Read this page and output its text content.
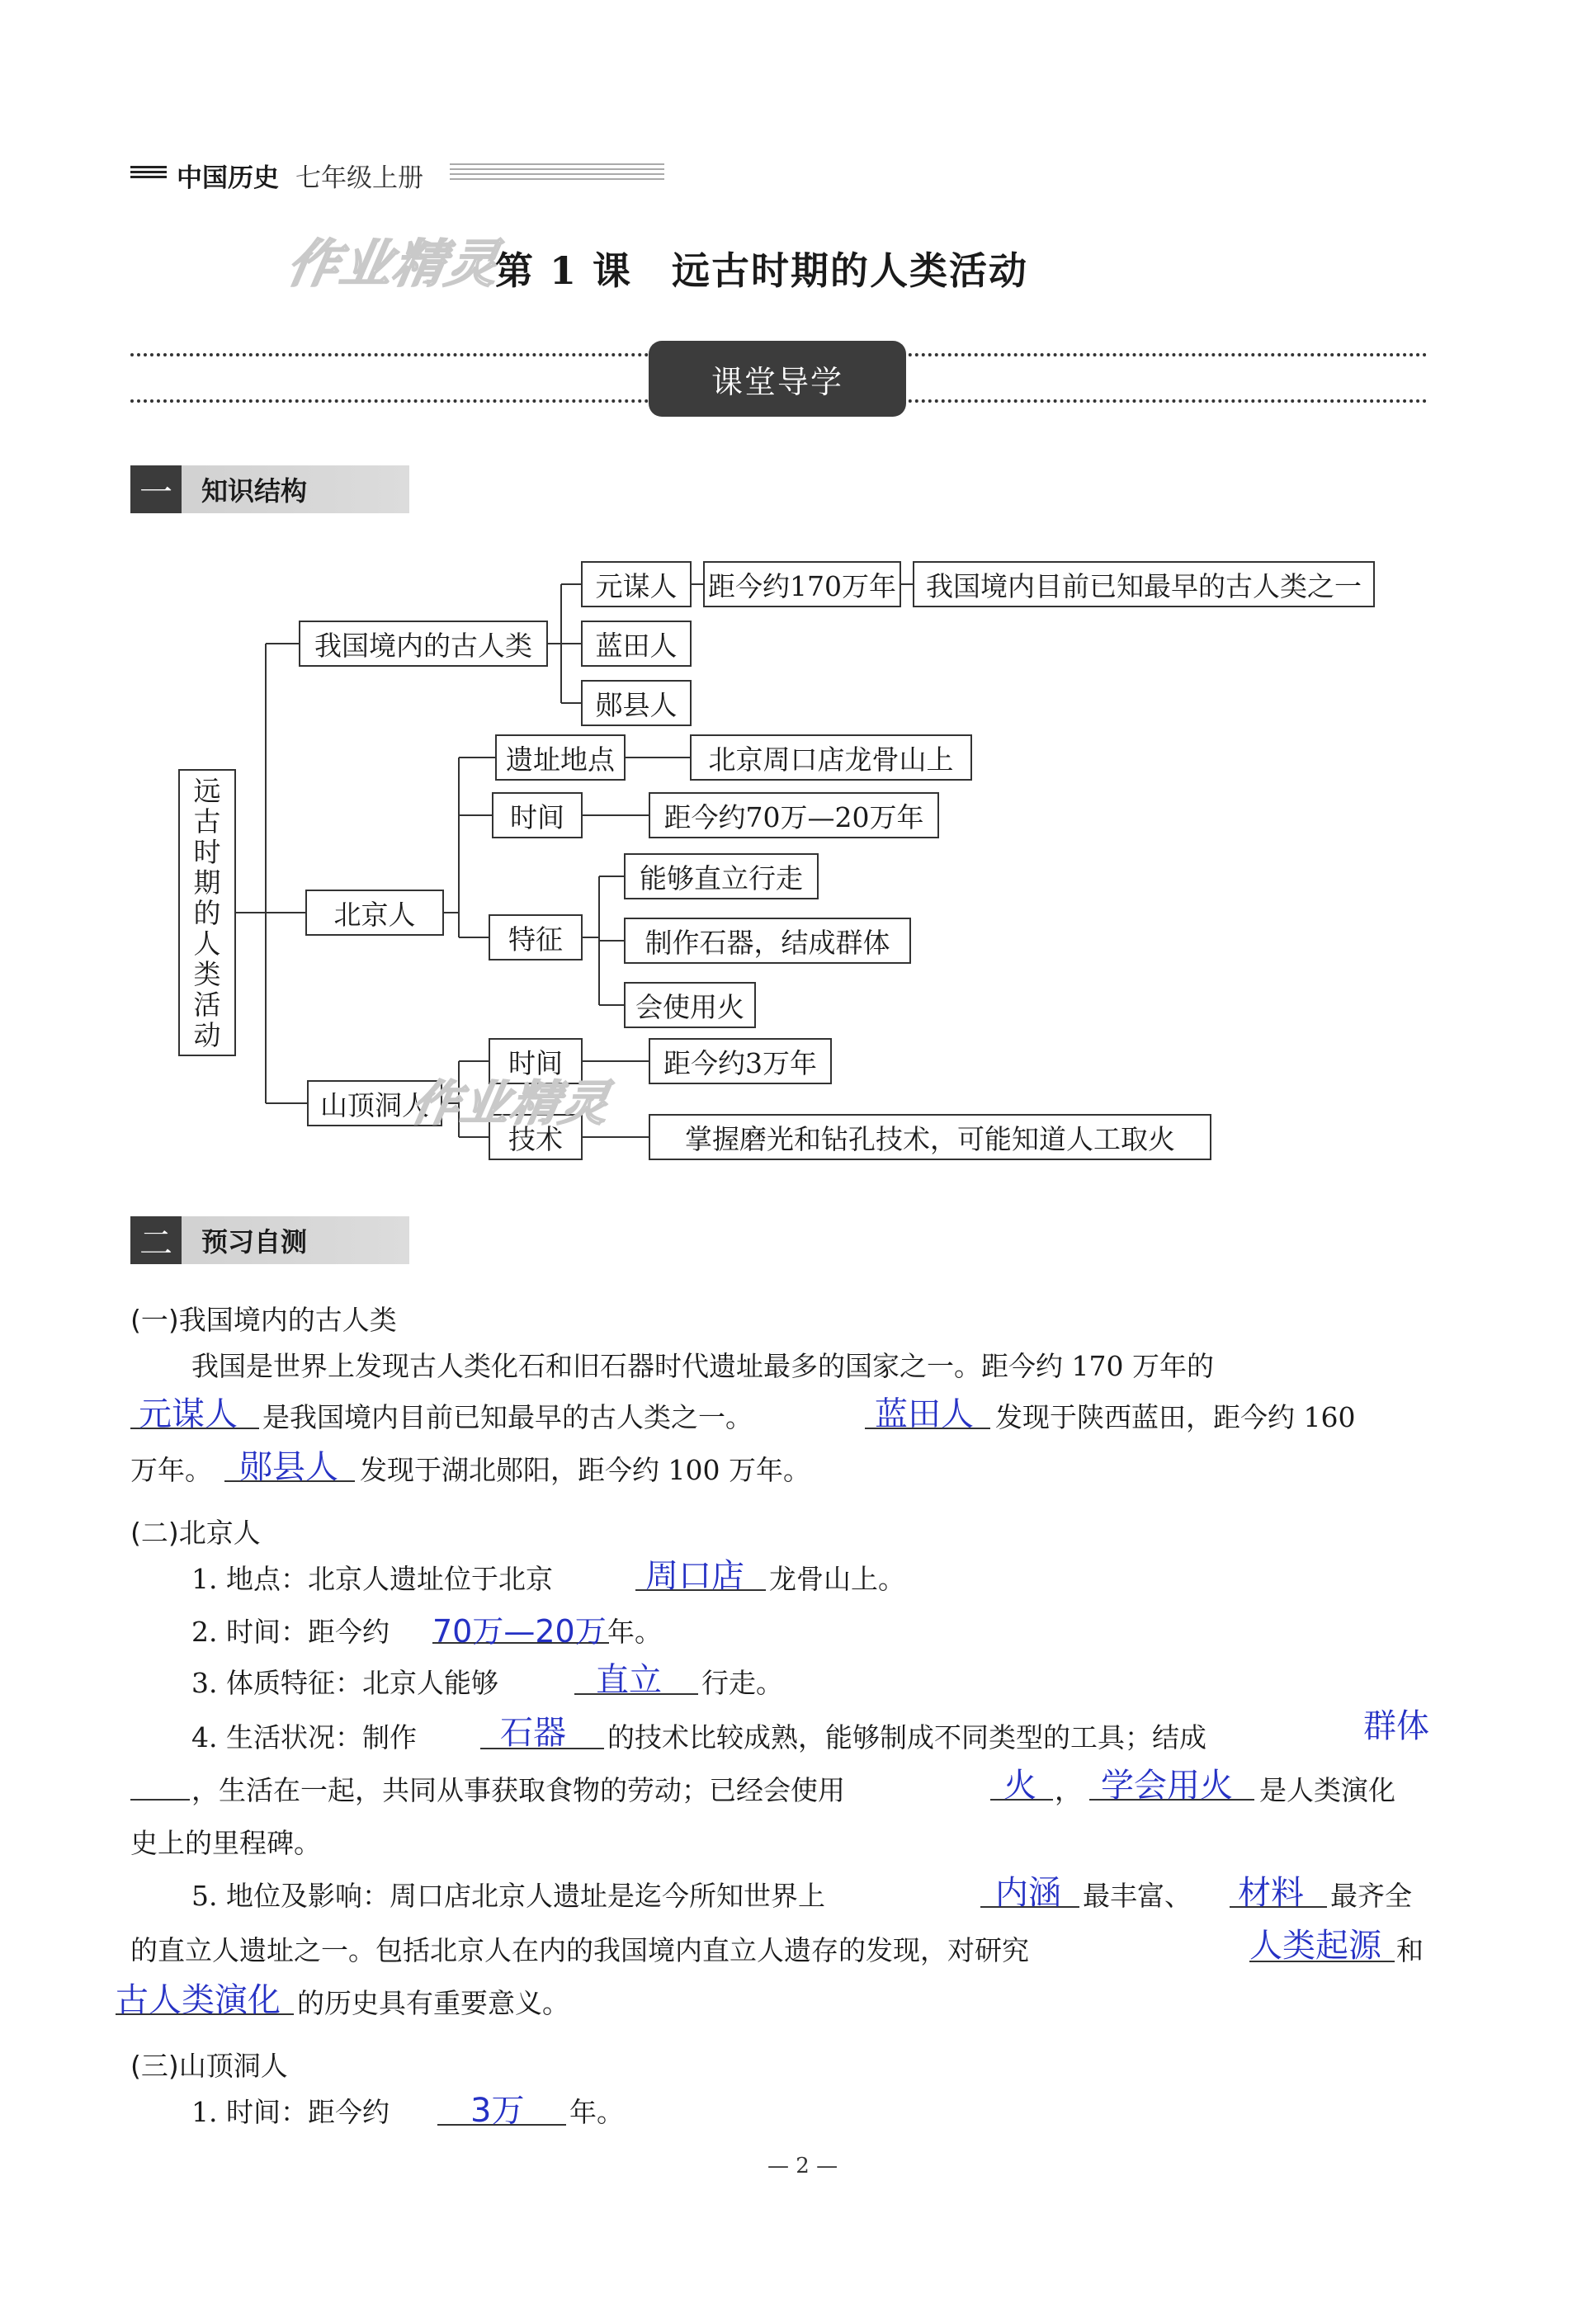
中国历史 七年级上册
作业精灵
第 1 课　远古时期的人类活动
课堂导学
一	知识结构
远
古
时
期
的
人
类
活
动
我国境内的古人类
元谋人	距今约170万年	我国境内目前已知最早的古人类之一
蓝田人
郧县人
北京人
遗址地点	北京周口店龙骨山上
时间	距今约70万—20万年
特征
能够直立行走
制作石器，结成群体
会使用火
山顶洞人
时间	距今约3万年
技术	掌握磨光和钻孔技术，可能知道人工取火
作业精灵
二	预习自测
(一)我国境内的古人类
我国是世界上发现古人类化石和旧石器时代遗址最多的国家之一。距今约 170 万年的
元谋人 是我国境内目前已知最早的古人类之一。	蓝田人 发现于陕西蓝田，距今约 160
万年。 郧县人 发现于湖北郧阳，距今约 100 万年。
(二)北京人
1. 地点：北京人遗址位于北京	周口店 龙骨山上。
2. 时间：距今约 70万—20万 年。
3. 体质特征：北京人能够	直立 行走。
4. 生活状况：制作	石器 的技术比较成熟，能够制成不同类型的工具；结成	群体
，生活在一起，共同从事获取食物的劳动；已经会使用	火 ， 学会用火 是人类演化
史上的里程碑。
5. 地位及影响：周口店北京人遗址是迄今所知世界上	内涵 最丰富、 材料 最齐全
的直立人遗址之一。包括北京人在内的我国境内直立人遗存的发现，对研究	人类起源 和
古人类演化 的历史具有重要意义。
(三)山顶洞人
1. 时间：距今约 3万 年。
— 2 —
